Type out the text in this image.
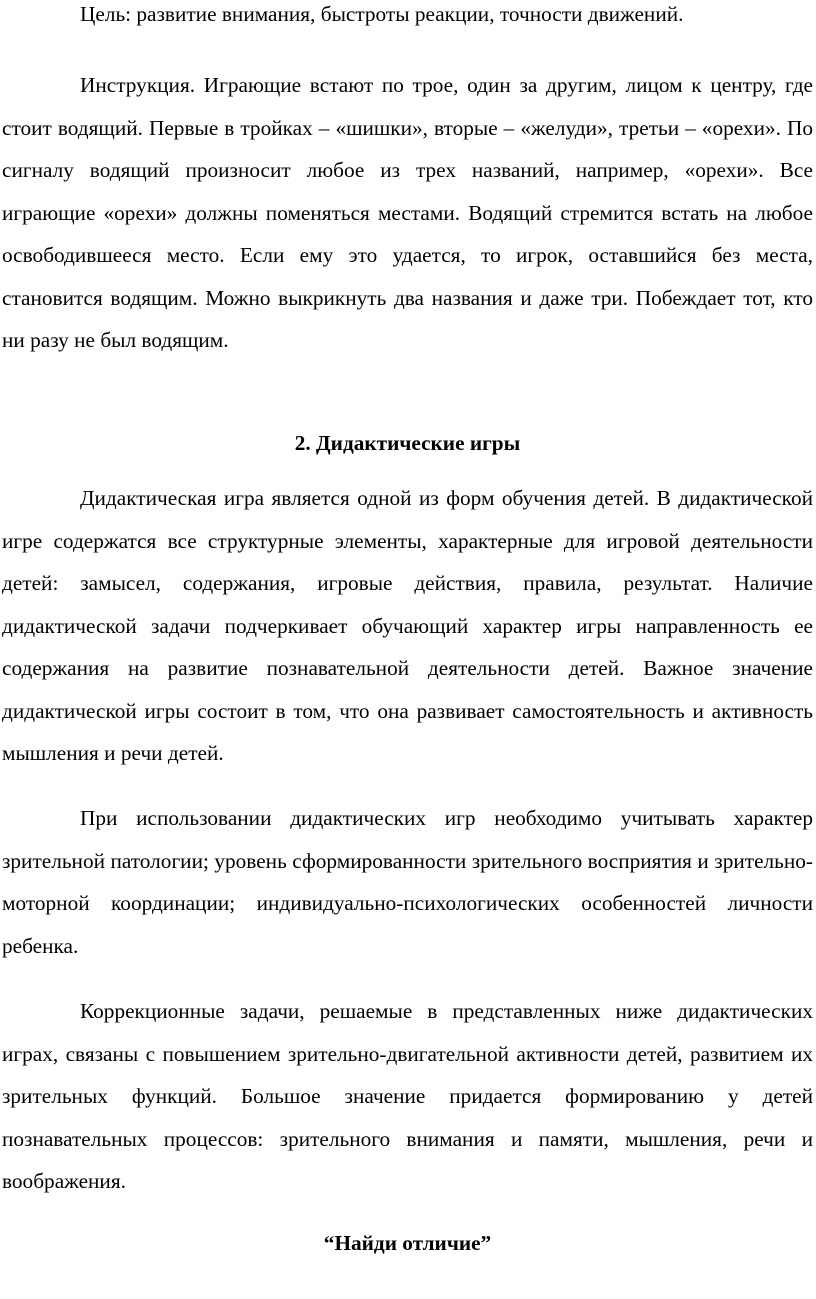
Цель: развитие внимания, быстроты реакции, точности движений.

Инструкция. Играющие встают по трое, один за другим, лицом к центру, где стоит водящий. Первые в тройках – «шишки», вторые – «желуди», третьи – «орехи». По сигналу водящий произносит любое из трех названий, например, «орехи». Все играющие «орехи» должны поменяться местами. Водящий стремится встать на любое освободившееся место. Если ему это удается, то игрок, оставшийся без места, становится водящим. Можно выкрикнуть два названия и даже три. Побеждает тот, кто ни разу не был водящим.

2. Дидактические игры

Дидактическая игра является одной из форм обучения детей. В дидактической игре содержатся все структурные элементы, характерные для игровой деятельности детей: замысел, содержания, игровые действия, правила, результат. Наличие дидактической задачи подчеркивает обучающий характер игры направленность ее содержания на развитие познавательной деятельности детей. Важное значение дидактической игры состоит в том, что она развивает самостоятельность и активность мышления и речи детей.

При использовании дидактических игр необходимо учитывать характер зрительной патологии; уровень сформированности зрительного восприятия и зрительно-моторной координации; индивидуально-психологических особенностей личности ребенка.

Коррекционные задачи, решаемые в представленных ниже дидактических играх, связаны с повышением зрительно-двигательной активности детей, развитием их зрительных функций. Большое значение придается формированию у детей познавательных процессов: зрительного внимания и памяти, мышления, речи и воображения.

“Найди отличие”
